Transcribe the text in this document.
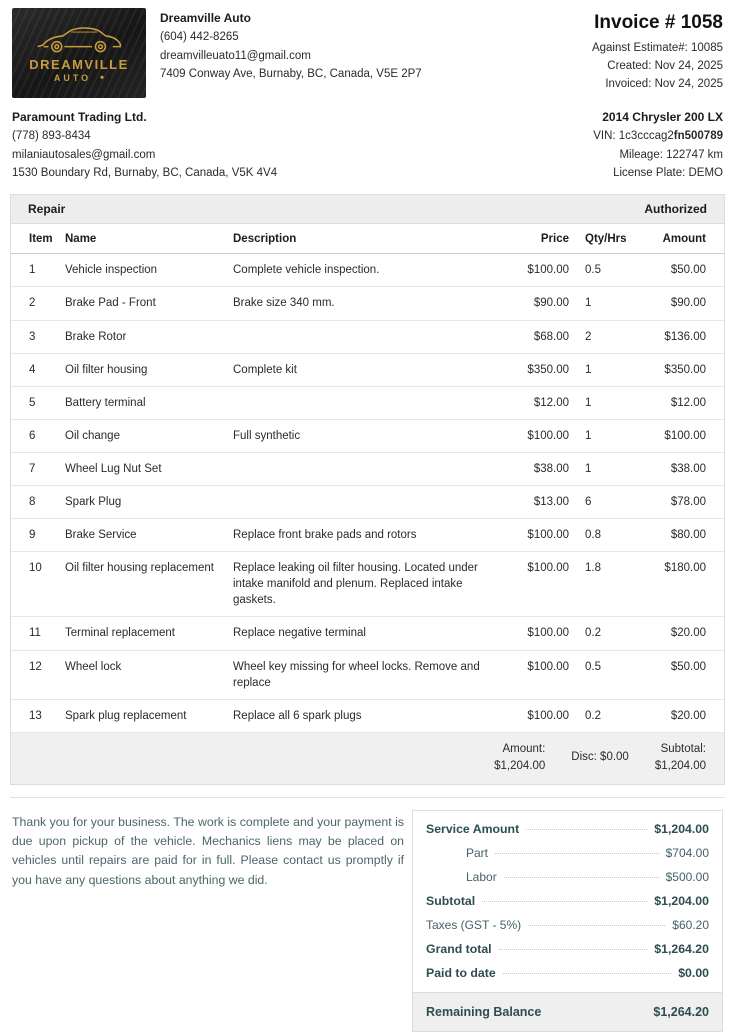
DREAMVILLE
AUTO
Dreamville Auto
(604) 442-8265
dreamvilleuato11@gmail.com
7409 Conway Ave, Burnaby, BC, Canada, V5E 2P7
Invoice # 1058
Against Estimate#: 10085
Created: Nov 24, 2025
Invoiced: Nov 24, 2025
Paramount Trading Ltd.
(778) 893-8434
milaniautosales@gmail.com
1530 Boundary Rd, Burnaby, BC, Canada, V5K 4V4
2014 Chrysler 200 LX
VIN: 1c3cccag2fn500789
Mileage: 122747 km
License Plate: DEMO
Repair	Authorized
Item	Name	Description	Price	Qty/Hrs	Amount
1	Vehicle inspection	Complete vehicle inspection.	$100.00	0.5	$50.00
2	Brake Pad - Front	Brake size 340 mm.	$90.00	1	$90.00
3	Brake Rotor		$68.00	2	$136.00
4	Oil filter housing	Complete kit	$350.00	1	$350.00
5	Battery terminal		$12.00	1	$12.00
6	Oil change	Full synthetic	$100.00	1	$100.00
7	Wheel Lug Nut Set		$38.00	1	$38.00
8	Spark Plug		$13.00	6	$78.00
9	Brake Service	Replace front brake pads and rotors	$100.00	0.8	$80.00
10	Oil filter housing replacement	Replace leaking oil filter housing. Located under intake manifold and plenum. Replaced intake gaskets.	$100.00	1.8	$180.00
11	Terminal replacement	Replace negative terminal	$100.00	0.2	$20.00
12	Wheel lock	Wheel key missing for wheel locks. Remove and replace	$100.00	0.5	$50.00
13	Spark plug replacement	Replace all 6 spark plugs	$100.00	0.2	$20.00
Amount:
$1,204.00
Disc: $0.00
Subtotal:
$1,204.00
Thank you for your business. The work is complete and your payment is due upon pickup of the vehicle. Mechanics liens may be placed on vehicles until repairs are paid for in full. Please contact us promptly if you have any questions about anything we did.
Service Amount	$1,204.00
Part	$704.00
Labor	$500.00
Subtotal	$1,204.00
Taxes (GST - 5%)	$60.20
Grand total	$1,264.20
Paid to date	$0.00
Remaining Balance	$1,264.20
